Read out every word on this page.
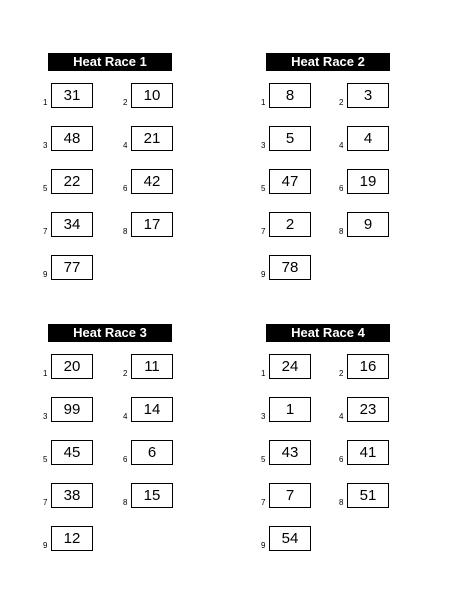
Heat Race 1
1	31	2	10
3	48	4	21
5	22	6	42
7	34	8	17
9	77
Heat Race 2
1	8	2	3
3	5	4	4
5	47	6	19
7	2	8	9
9	78
Heat Race 3
1	20	2	11
3	99	4	14
5	45	6	6
7	38	8	15
9	12
Heat Race 4
1	24	2	16
3	1	4	23
5	43	6	41
7	7	8	51
9	54
